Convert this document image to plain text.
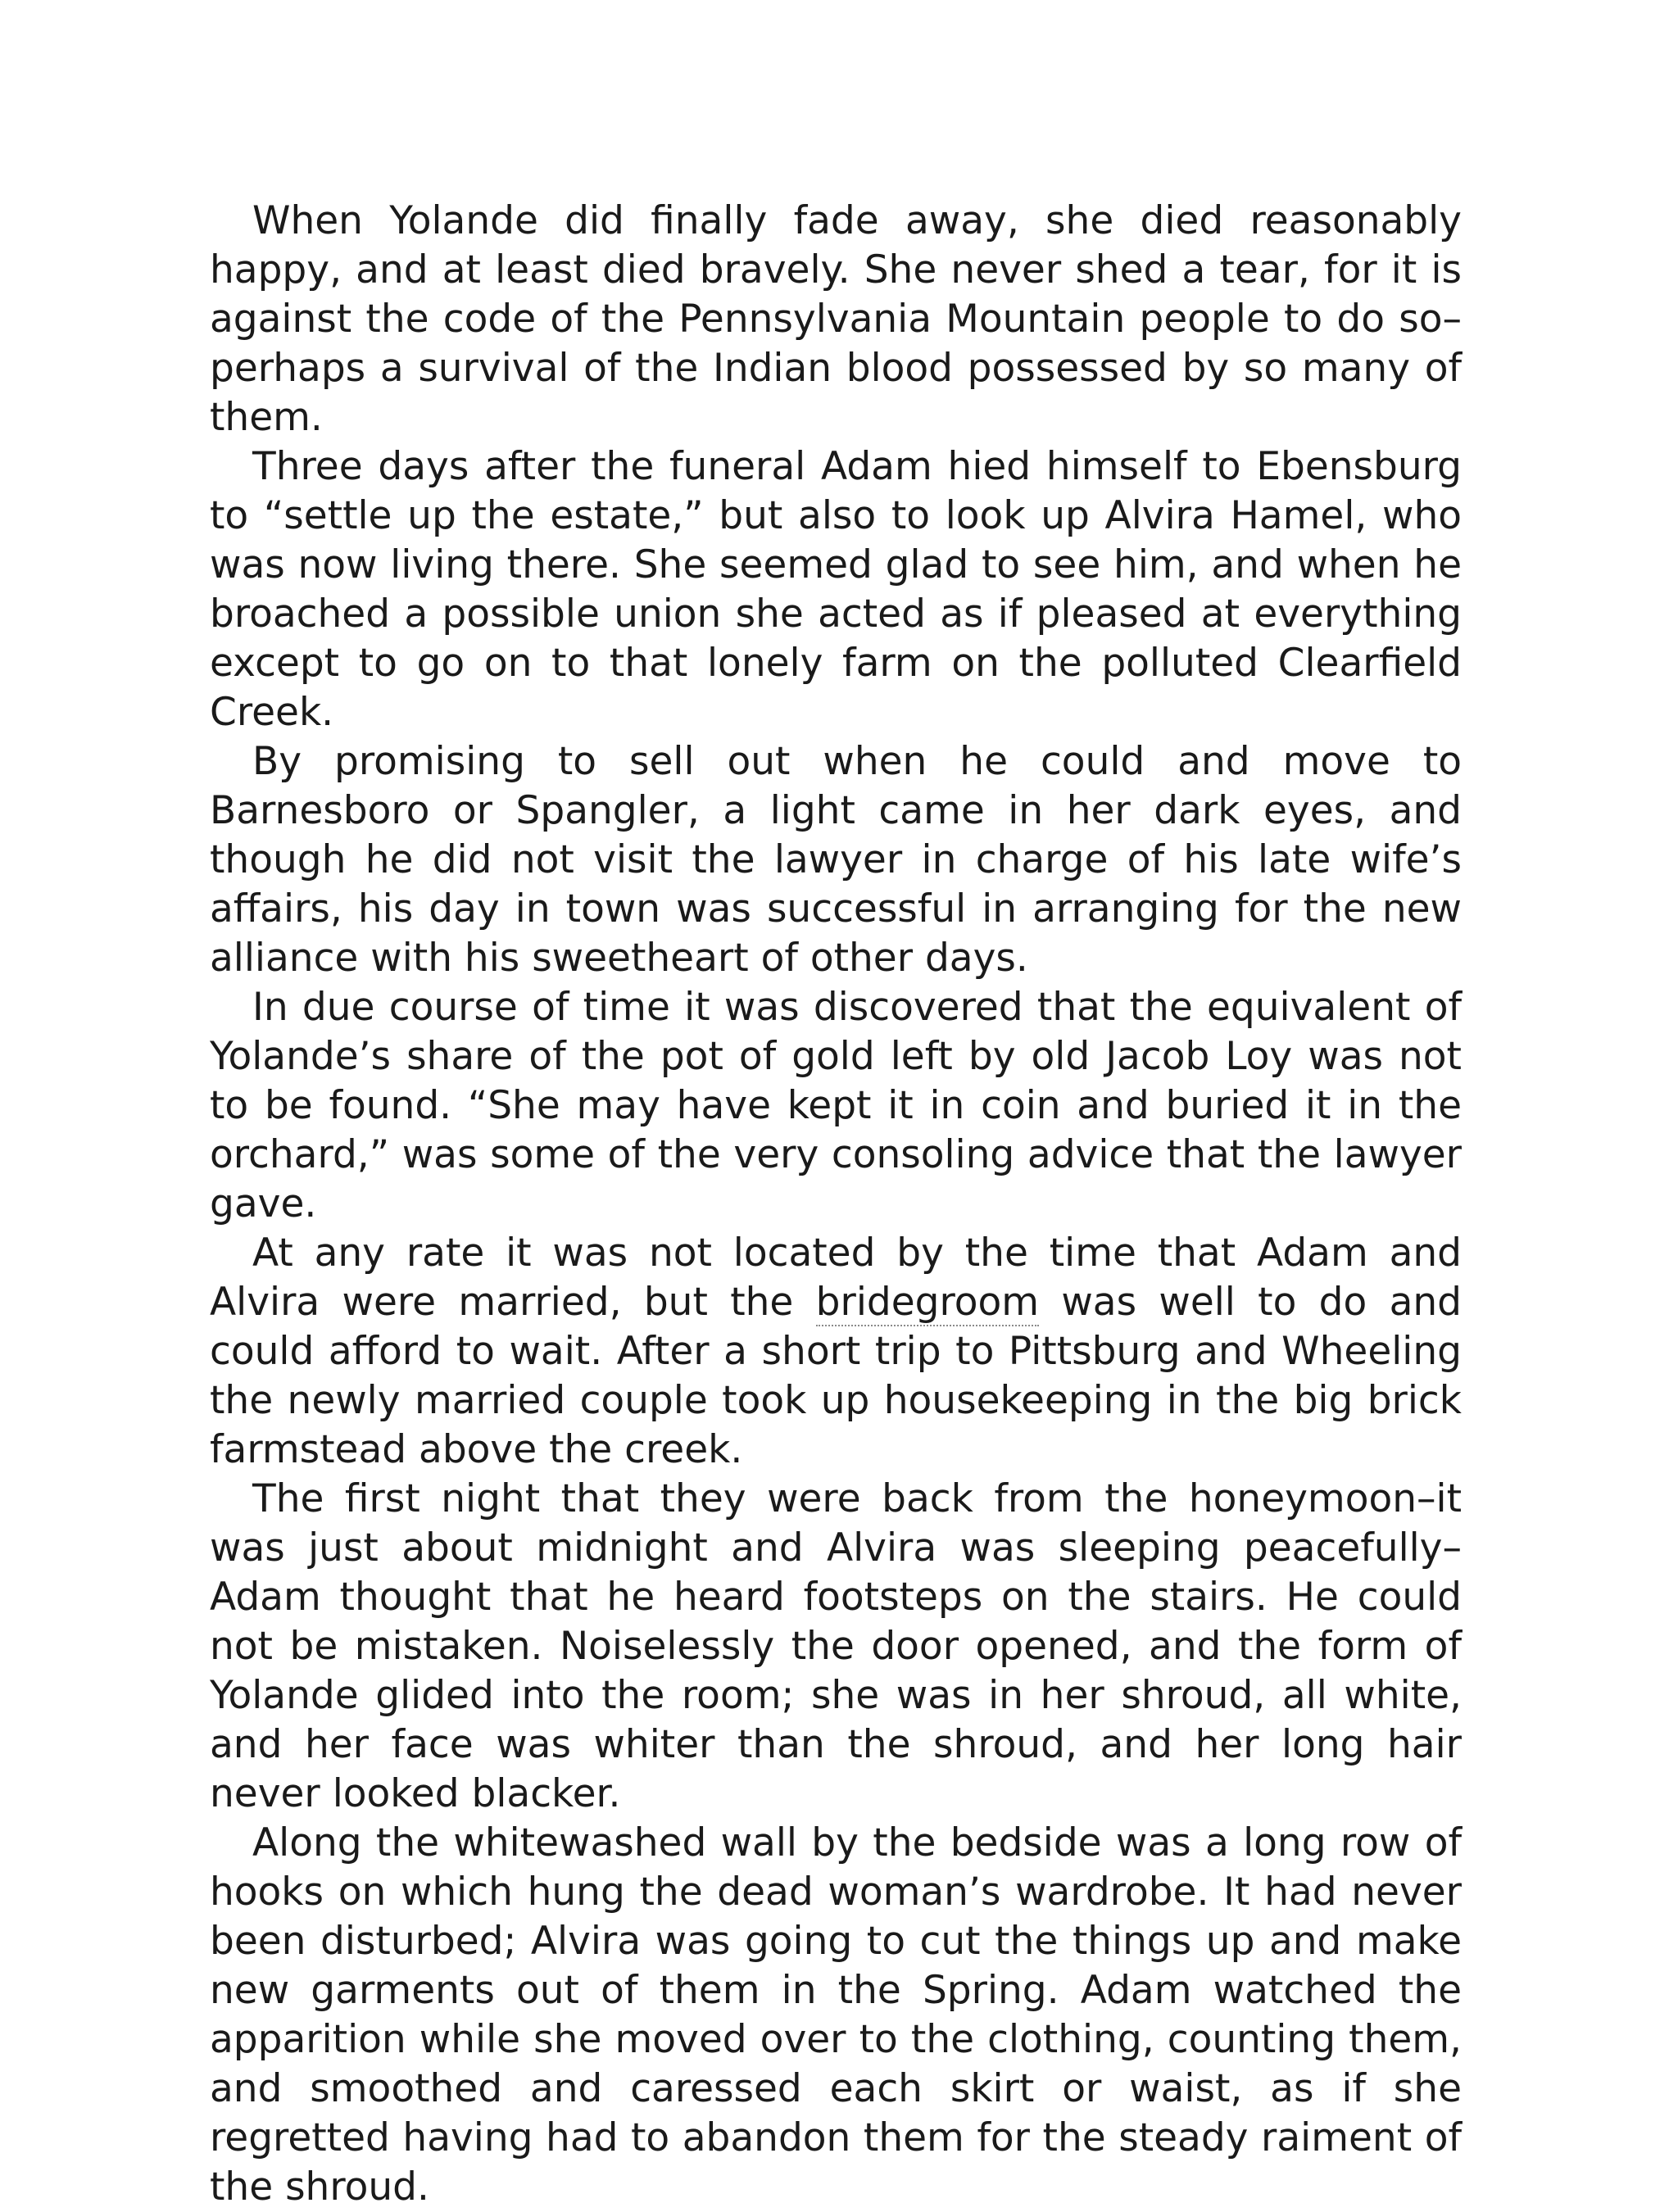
When Yolande did finally fade away, she died reasonably happy, and at least died bravely. She never shed a tear, for it is against the code of the Pennsylvania Mountain people to do so–perhaps a survival of the Indian blood possessed by so many of them.

Three days after the funeral Adam hied himself to Ebensburg to “settle up the estate,” but also to look up Alvira Hamel, who was now living there. She seemed glad to see him, and when he broached a possible union she acted as if pleased at everything except to go on to that lonely farm on the polluted Clearfield Creek.

By promising to sell out when he could and move to Barnesboro or Spangler, a light came in her dark eyes, and though he did not visit the lawyer in charge of his late wife’s affairs, his day in town was successful in arranging for the new alliance with his sweetheart of other days.

In due course of time it was discovered that the equivalent of Yolande’s share of the pot of gold left by old Jacob Loy was not to be found. “She may have kept it in coin and buried it in the orchard,” was some of the very consoling advice that the lawyer gave.

At any rate it was not located by the time that Adam and Alvira were married, but the bridegroom was well to do and could afford to wait. After a short trip to Pittsburg and Wheeling the newly married couple took up housekeeping in the big brick farmstead above the creek.

The first night that they were back from the honeymoon–it was just about midnight and Alvira was sleeping peacefully–Adam thought that he heard footsteps on the stairs. He could not be mistaken. Noiselessly the door opened, and the form of Yolande glided into the room; she was in her shroud, all white, and her face was whiter than the shroud, and her long hair never looked blacker.

Along the whitewashed wall by the bedside was a long row of hooks on which hung the dead woman’s wardrobe. It had never been disturbed; Alvira was going to cut the things up and make new garments out of them in the Spring. Adam watched the apparition while she moved over to the clothing, counting them, and smoothed and caressed each skirt or waist, as if she regretted having had to abandon them for the steady raiment of the shroud.
